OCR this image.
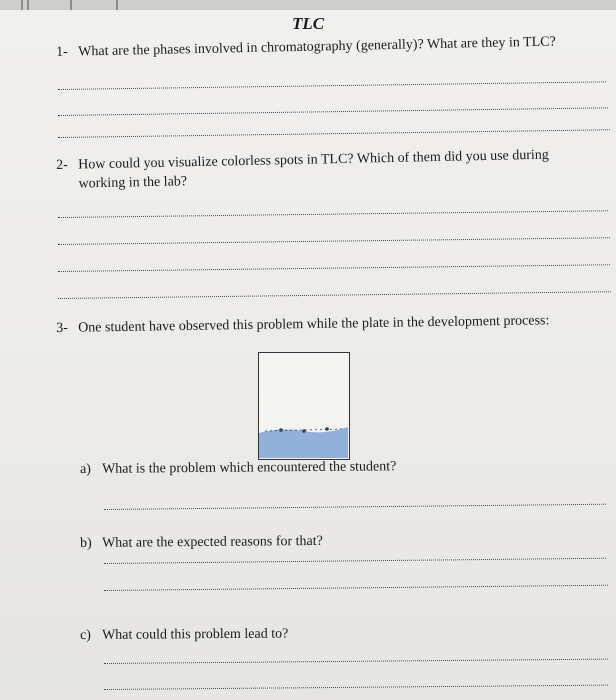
TLC
1- What are the phases involved in chromatography (generally)? What are they in TLC?
2- How could you visualize colorless spots in TLC? Which of them did you use during
working in the lab?
3- One student have observed this problem while the plate in the development process:
a) What is the problem which encountered the student?
b) What are the expected reasons for that?
c) What could this problem lead to?
